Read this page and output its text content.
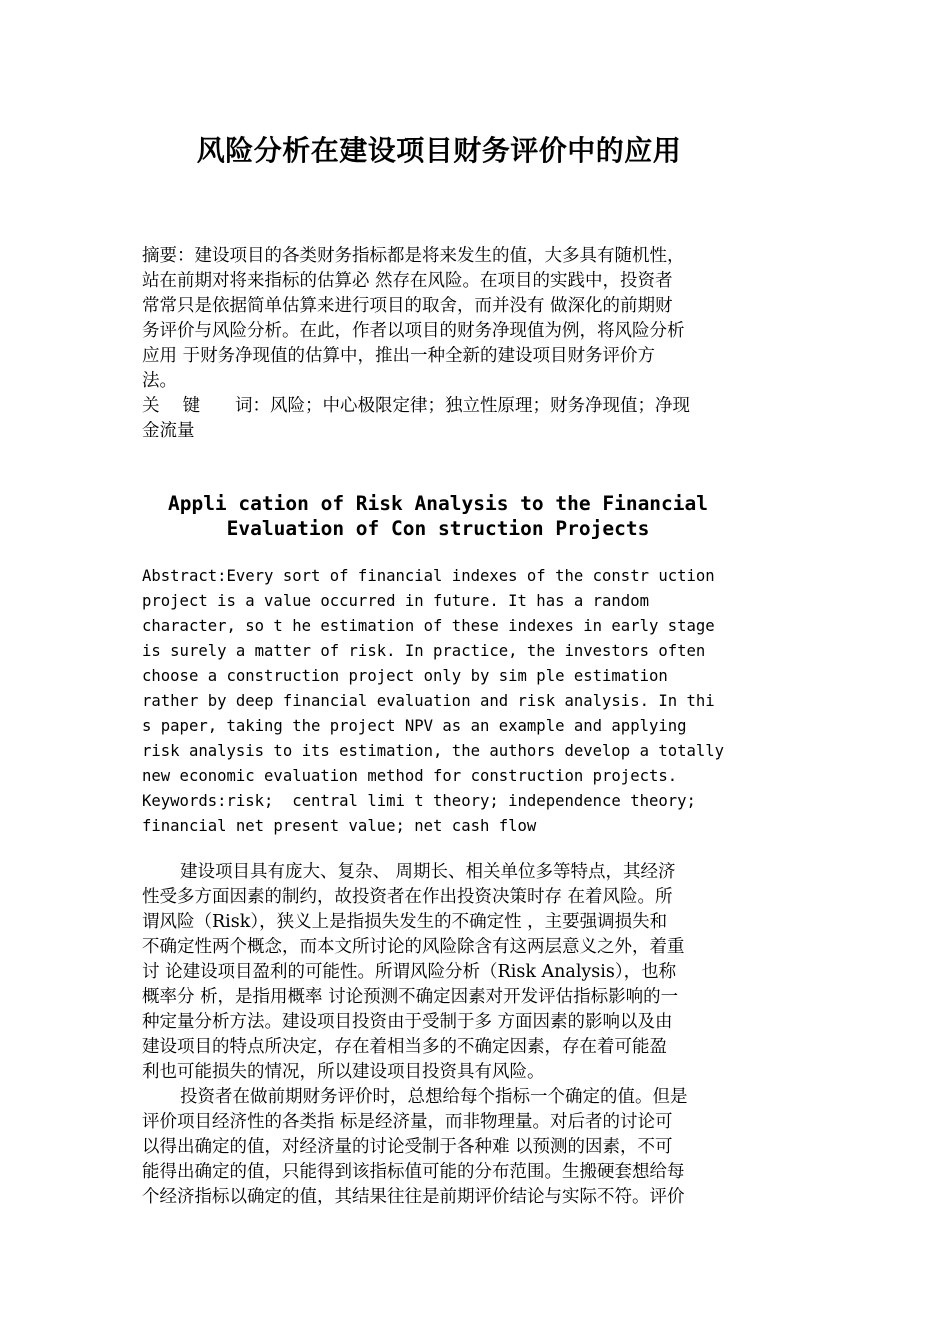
风险分析在建设项目财务评价中的应用

摘要：建设项目的各类财务指标都是将来发生的值，大多具有随机性，

站在前期对将来指标的估算必 然存在风险。在项目的实践中，投资者

常常只是依据简单估算来进行项目的取舍，而并没有 做深化的前期财

务评价与风险分析。在此，作者以项目的财务净现值为例，将风险分析

应用 于财务净现值的估算中，推出一种全新的建设项目财务评价方

法。

关　 键　　词：风险；中心极限定律；独立性原理；财务净现值；净现

金流量

Appli cation of Risk Analysis to the Financial

Evaluation of Con struction Projects

Abstract:Every sort of financial indexes of the constr uction

project is a value occurred in future. It has a random

character, so t he estimation of these indexes in early stage

is surely a matter of risk. In practice, the investors often

choose a construction project only by sim ple estimation

rather by deep financial evaluation and risk analysis. In thi

s paper, taking the project NPV as an example and applying

risk analysis to its estimation, the authors develop a totally

new economic evaluation method for construction projects.

Keywords:risk;  central limi t theory; independence theory;

financial net present value; net cash flow

建设项目具有庞大、复杂、 周期长、相关单位多等特点，其经济

性受多方面因素的制约，故投资者在作出投资决策时存 在着风险。所

谓风险（Risk），狭义上是指损失发生的不确定性 ，主要强调损失和

不确定性两个概念，而本文所讨论的风险除含有这两层意义之外，着重

讨 论建设项目盈利的可能性。所谓风险分析（Risk Analysis），也称

概率分 析，是指用概率 讨论预测不确定因素对开发评估指标影响的一

种定量分析方法。建设项目投资由于受制于多 方面因素的影响以及由

建设项目的特点所决定，存在着相当多的不确定因素，存在着可能盈

利也可能损失的情况，所以建设项目投资具有风险。

投资者在做前期财务评价时，总想给每个指标一个确定的值。但是

评价项目经济性的各类指 标是经济量，而非物理量。对后者的讨论可

以得出确定的值，对经济量的讨论受制于各种难 以预测的因素，不可

能得出确定的值，只能得到该指标值可能的分布范围。生搬硬套想给每

个经济指标以确定的值，其结果往往是前期评价结论与实际不符。评价
